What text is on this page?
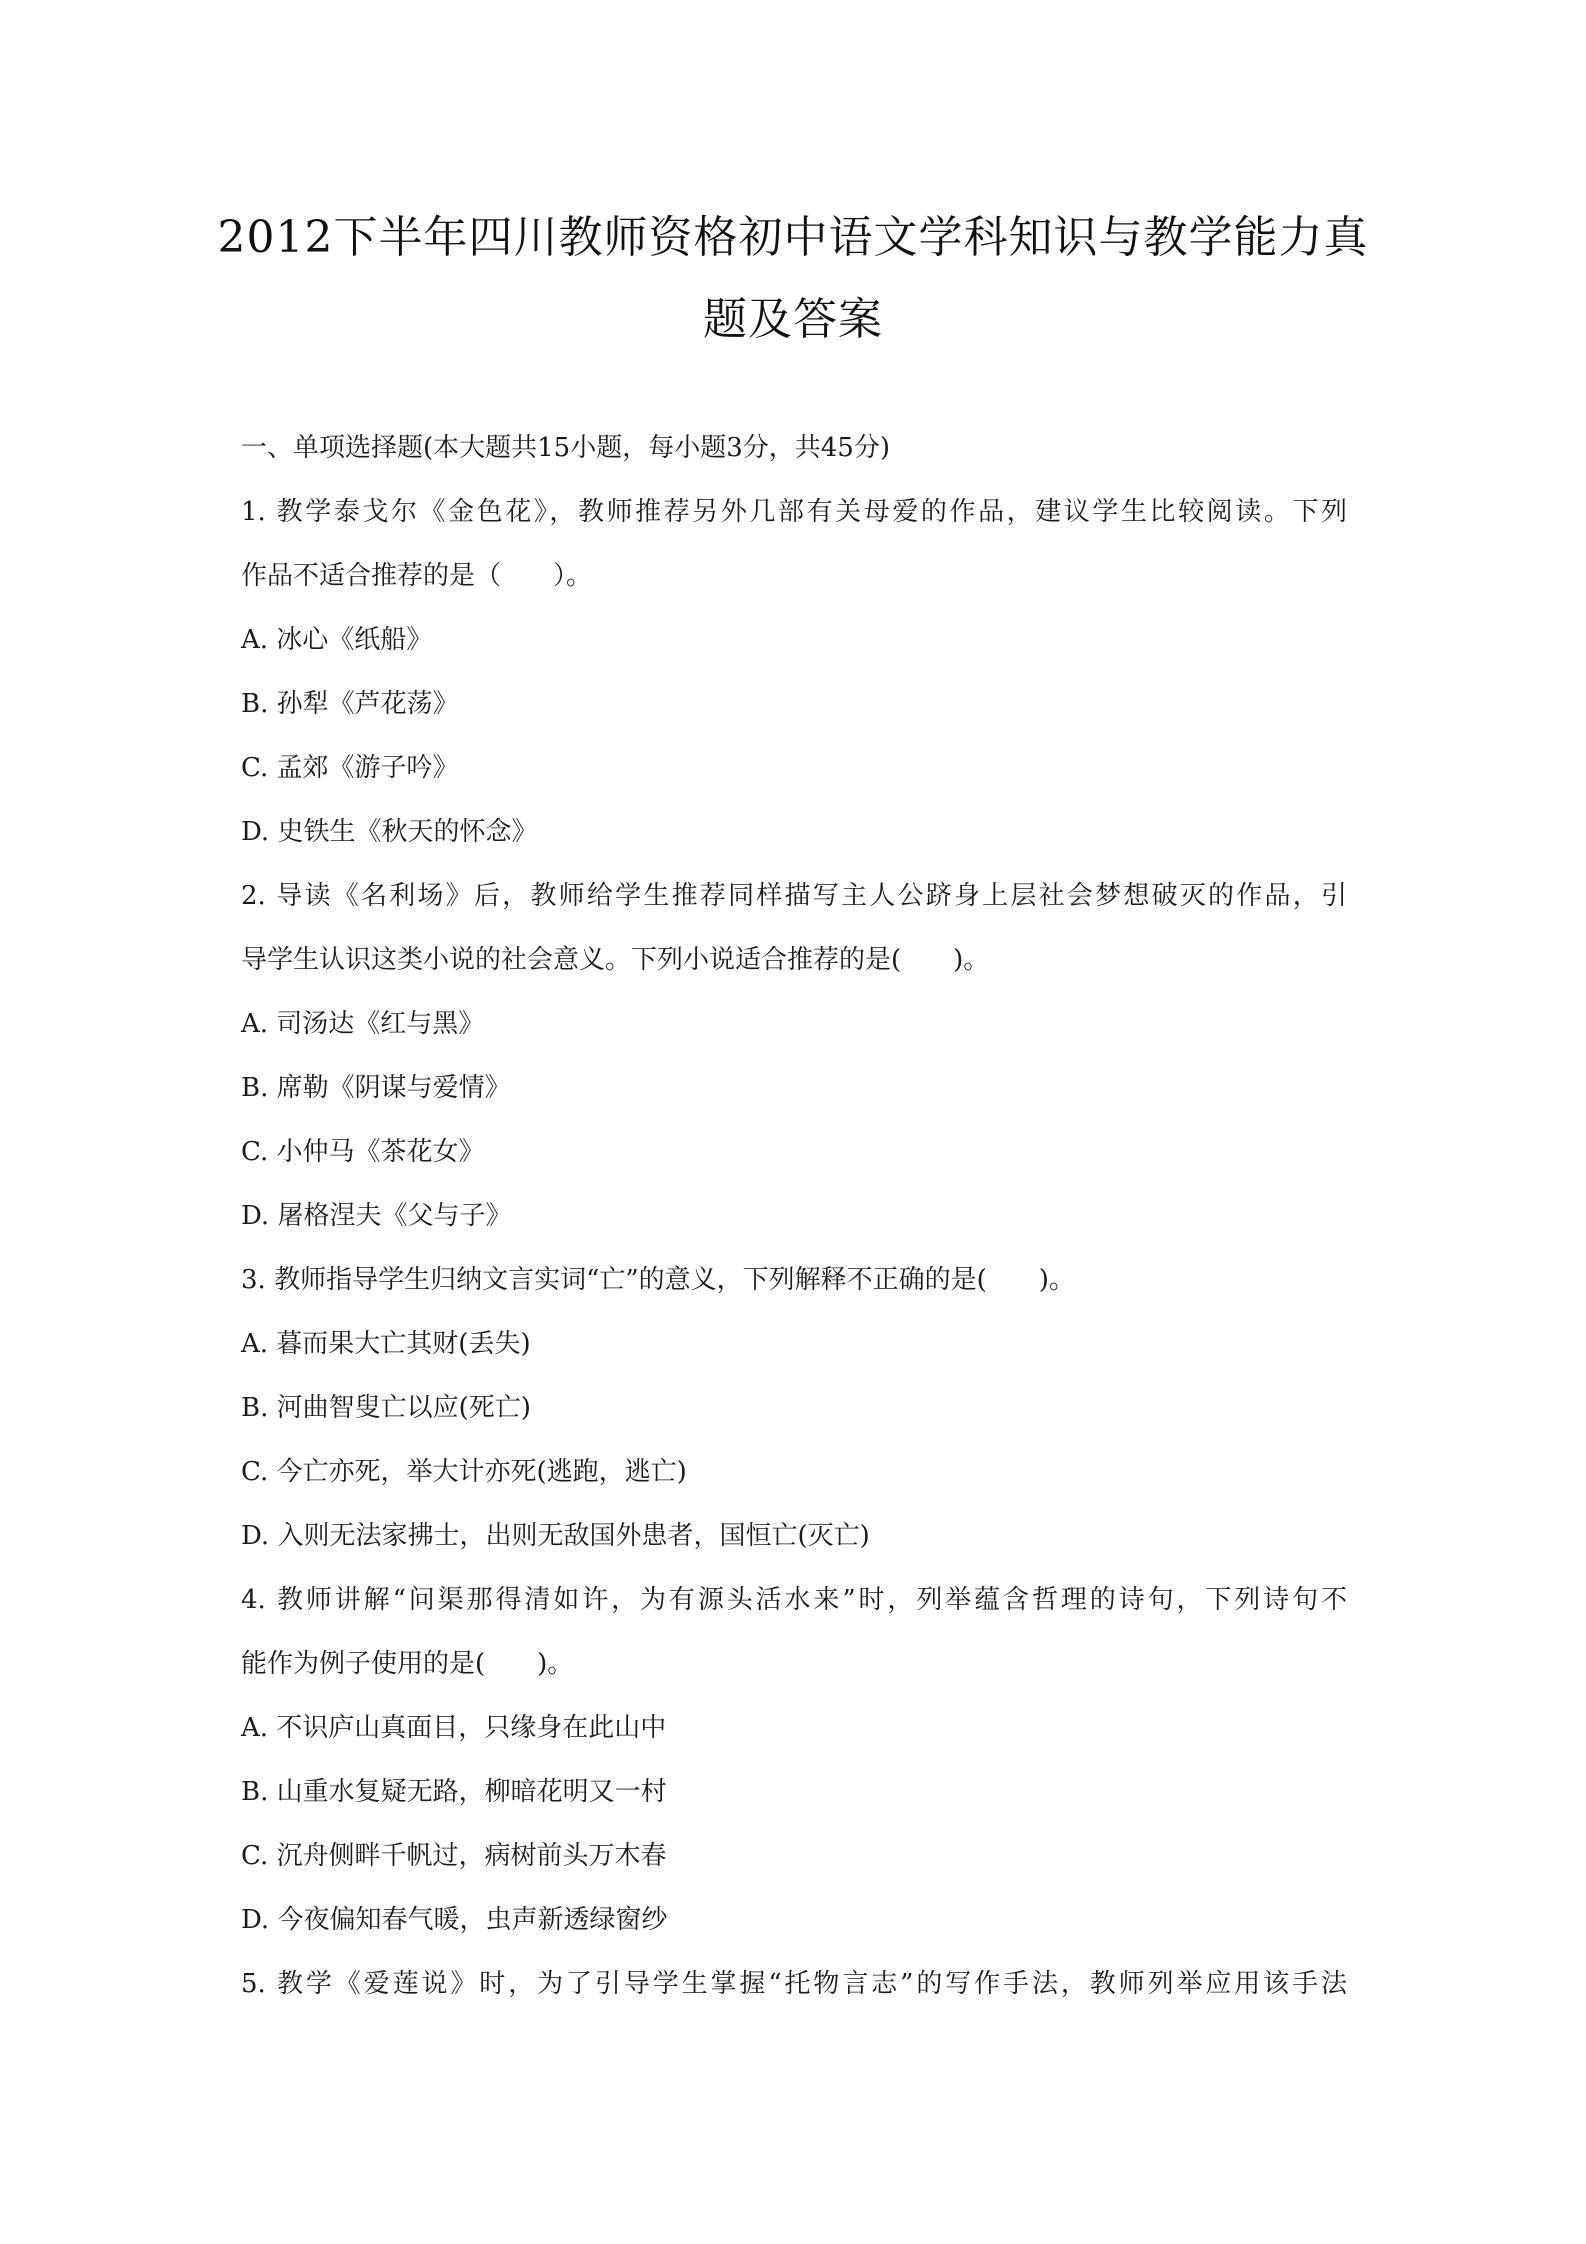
2012下半年四川教师资格初中语文学科知识与教学能力真
题及答案
一、单项选择题(本大题共15小题，每小题3分，共45分)
1. 教学泰戈尔《金色花》，教师推荐另外几部有关母爱的作品，建议学生比较阅读。下列
作品不适合推荐的是（　　）。
A. 冰心《纸船》
B. 孙犁《芦花荡》
C. 孟郊《游子吟》
D. 史铁生《秋天的怀念》
2. 导读《名利场》后，教师给学生推荐同样描写主人公跻身上层社会梦想破灭的作品，引
导学生认识这类小说的社会意义。下列小说适合推荐的是(　　)。
A. 司汤达《红与黑》
B. 席勒《阴谋与爱情》
C. 小仲马《茶花女》
D. 屠格涅夫《父与子》
3. 教师指导学生归纳文言实词“亡”的意义，下列解释不正确的是(　　)。
A. 暮而果大亡其财(丢失)
B. 河曲智叟亡以应(死亡)
C. 今亡亦死，举大计亦死(逃跑，逃亡)
D. 入则无法家拂士，出则无敌国外患者，国恒亡(灭亡)
4. 教师讲解“问渠那得清如许，为有源头活水来”时，列举蕴含哲理的诗句，下列诗句不
能作为例子使用的是(　　)。
A. 不识庐山真面目，只缘身在此山中
B. 山重水复疑无路，柳暗花明又一村
C. 沉舟侧畔千帆过，病树前头万木春
D. 今夜偏知春气暖，虫声新透绿窗纱
5. 教学《爱莲说》时，为了引导学生掌握“托物言志”的写作手法，教师列举应用该手法
